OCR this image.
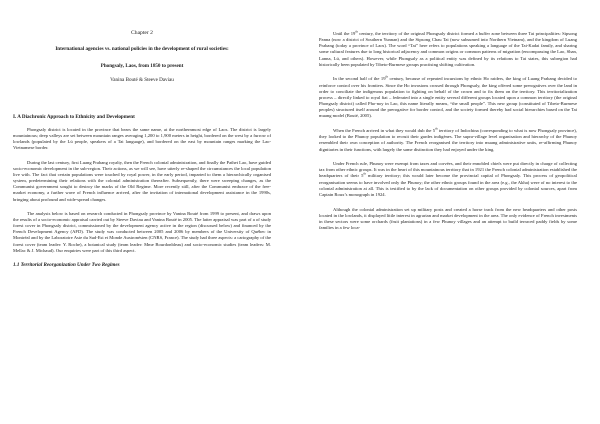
Chapter 2
International agencies vs. national policies in the development of rural societies:
Phongsaly, Laos, from 1850 to present
Vanina Bouté & Steeve Daviau
I. A Diachronic Approach to Ethnicity and Development

Phongsaly district is located in the province that bears the same name, at the northernmost edge of Laos. The district is largely mountainous; deep valleys are set between mountain ranges averaging 1,200 to 1,900 meters in height, bordered on the west by a furrow of lowlands (populated by the Lü people, speakers of a Tai language), and bordered on the east by mountain ranges marking the Lao-Vietnamese border.

During the last century, first Luang Prabang royalty, then the French colonial administration, and finally the Pathet Lao, have guided socio-economic development in the sub-region. Their actions, as we will see, have utterly re-shaped the circumstances the local population live with. The fact that certain populations were touched by royal power, in the early period, imparted to them a hierarchically organised system, predetermining their relations with the colonial administration thereafter. Subsequently, there were sweeping changes, as the Communist government sought to destroy the marks of the Old Regime. More recently still, after the Communist embrace of the free-market economy, a further wave of French influence arrived, after the invitation of international development assistance in the 1990s, bringing about profound and wide-spread changes.

The analysis below is based on research conducted in Phongsaly province by Vanina Bouté from 1999 to present, and draws upon the results of a socio-economic appraisal carried out by Steeve Daviau and Vanina Bouté in 2005. The latter appraisal was part of a of study forest cover in Phongsaly district, commissioned by the development agency active in the region (discussed below) and financed by the French Development Agency (AFD). The study was conducted between 2005 and 2006 by members of the University of Québec in Montréal and by the Laboratoire Asie du Sud-Est et Monde Austronésien (CNRS, France). The study had three aspects: a cartography of the forest cover (team leader: Y. Roche), a botanical study (team leader: Mme Bourdonbleau) and socio-economic studies (team leaders: M. Mellac & J. Michaud). Our enquiries were part of this third aspect.

1.1 Territorial Reorganization Under Two Regimes

Until the 19th century, the territory of the original Phongsaly district formed a buffer zone between three Tai principalities: Sipsong Panna (now a district of Southern Yunnan) and the Sipsong Chau Tai (now subsumed into Northern Vietnam), and the kingdom of Luang Prabang (today a province of Laos). The word “Tai” here refers to populations speaking a language of the Tai-Kadai family, and sharing some cultural features due to long historical adjacency and common origins or common patterns of migration (encompassing the Lao, Shan, Lanna, Lü, and others). However, while Phongsaly as a political entity was defined by its relations to Tai states, this subregion had historically been populated by Tibeto-Burmese groups practising shifting cultivation.

In the second half of the 19th century, because of repeated incursions by ethnic Ho raiders, the king of Luang Prabang decided to reinforce control over his frontiers. Since the Ho invasions crossed through Phongsaly, the king offered some prerogatives over the land in order to conciliate the indigenous population to fighting on behalf of the crown and to fix them on the territory. This territorialization process – directly linked to royal fiat – federated into a single entity several different groups located upon a common territory (the original Phongsaly district) called Pho-noy in Lao, this name literally means, “the small people”. This new group (constituted of Tibeto-Burmese peoples) structured itself around the prerogative for border control, and the society formed thereby had social hierarchies based on the Tai muang model (Bouté, 2005).

When the French arrived in what they would dub the 5th territory of Indochina (corresponding to what is now Phongsaly province), they looked to the Phunoy population to recruit their gardes indigènes. The supra-village level organisation and hierarchy of the Phunoy resembled their own conception of authority. The French reorganised the territory into muang administrative units, re-affirming Phunoy dignitaries in their functions, with largely the same distinction they had enjoyed under the king.

Under French rule, Phunoy were exempt from taxes and corvées, and their ennobled chiefs were put directly in charge of collecting tax from other ethnic groups. It was in the heart of this mountainous territory that in 1921 the French colonial administration established the headquarters of their 5th military territory; this would later become the provincial capital of Phongsaly. This process of geopolitical reorganisation seems to have involved only the Phunoy; the other ethnic groups found in the area (e.g., the Akha) were of no interest to the colonial administration at all. This is testified to by the lack of documentation on other groups provided by colonial sources, apart from Captain Roux’s monograph in 1924.

Although the colonial administration set up military posts and created a horse track from the new headquarters and other posts located in the lowlands, it displayed little interest in agrarian and market development in the area. The only evidence of French investments in these sectors were some orchards (fruit plantations) in a few Phunoy villages and an attempt to build terraced paddy fields by some families in a few loca-
